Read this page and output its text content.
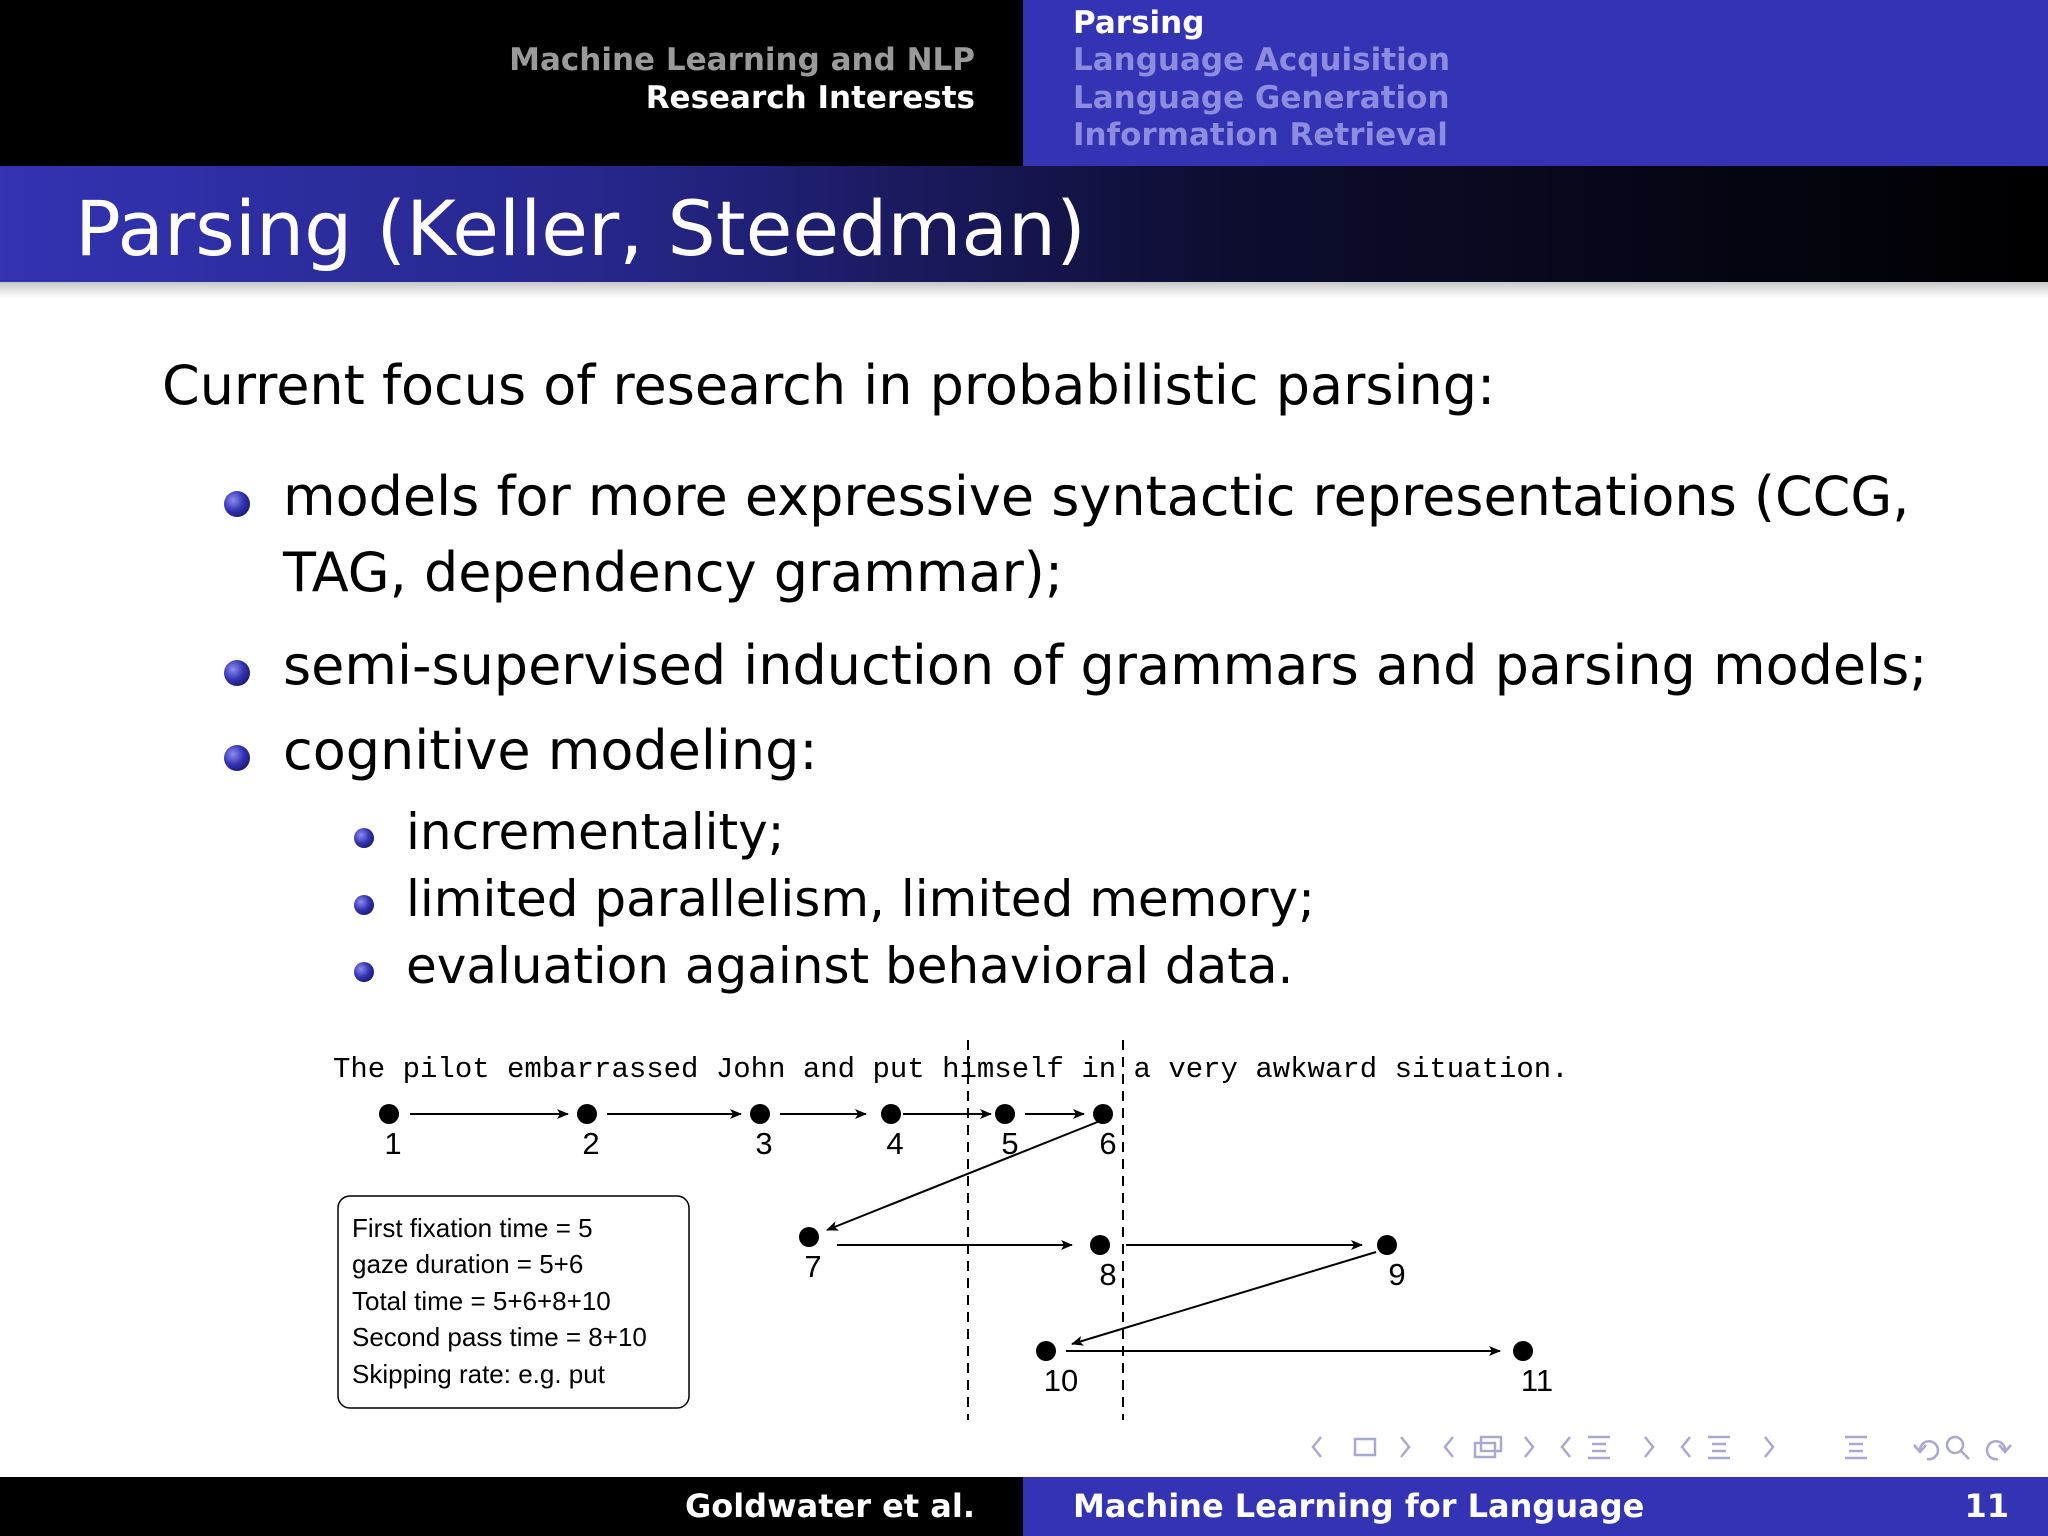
Machine Learning and NLP
Research Interests
Parsing
Language Acquisition
Language Generation
Information Retrieval
Parsing (Keller, Steedman)
Current focus of research in probabilistic parsing:
models for more expressive syntactic representations (CCG,
TAG, dependency grammar);
semi-supervised induction of grammars and parsing models;
cognitive modeling:
incrementality;
limited parallelism, limited memory;
evaluation against behavioral data.
The pilot embarrassed John and put himself in a very awkward situation.
1	2	3	4	5	6
7	8	9
10	11
First fixation time = 5
gaze duration = 5+6
Total time = 5+6+8+10
Second pass time = 8+10
Skipping rate: e.g. put
Goldwater et al.	Machine Learning for Language	11
